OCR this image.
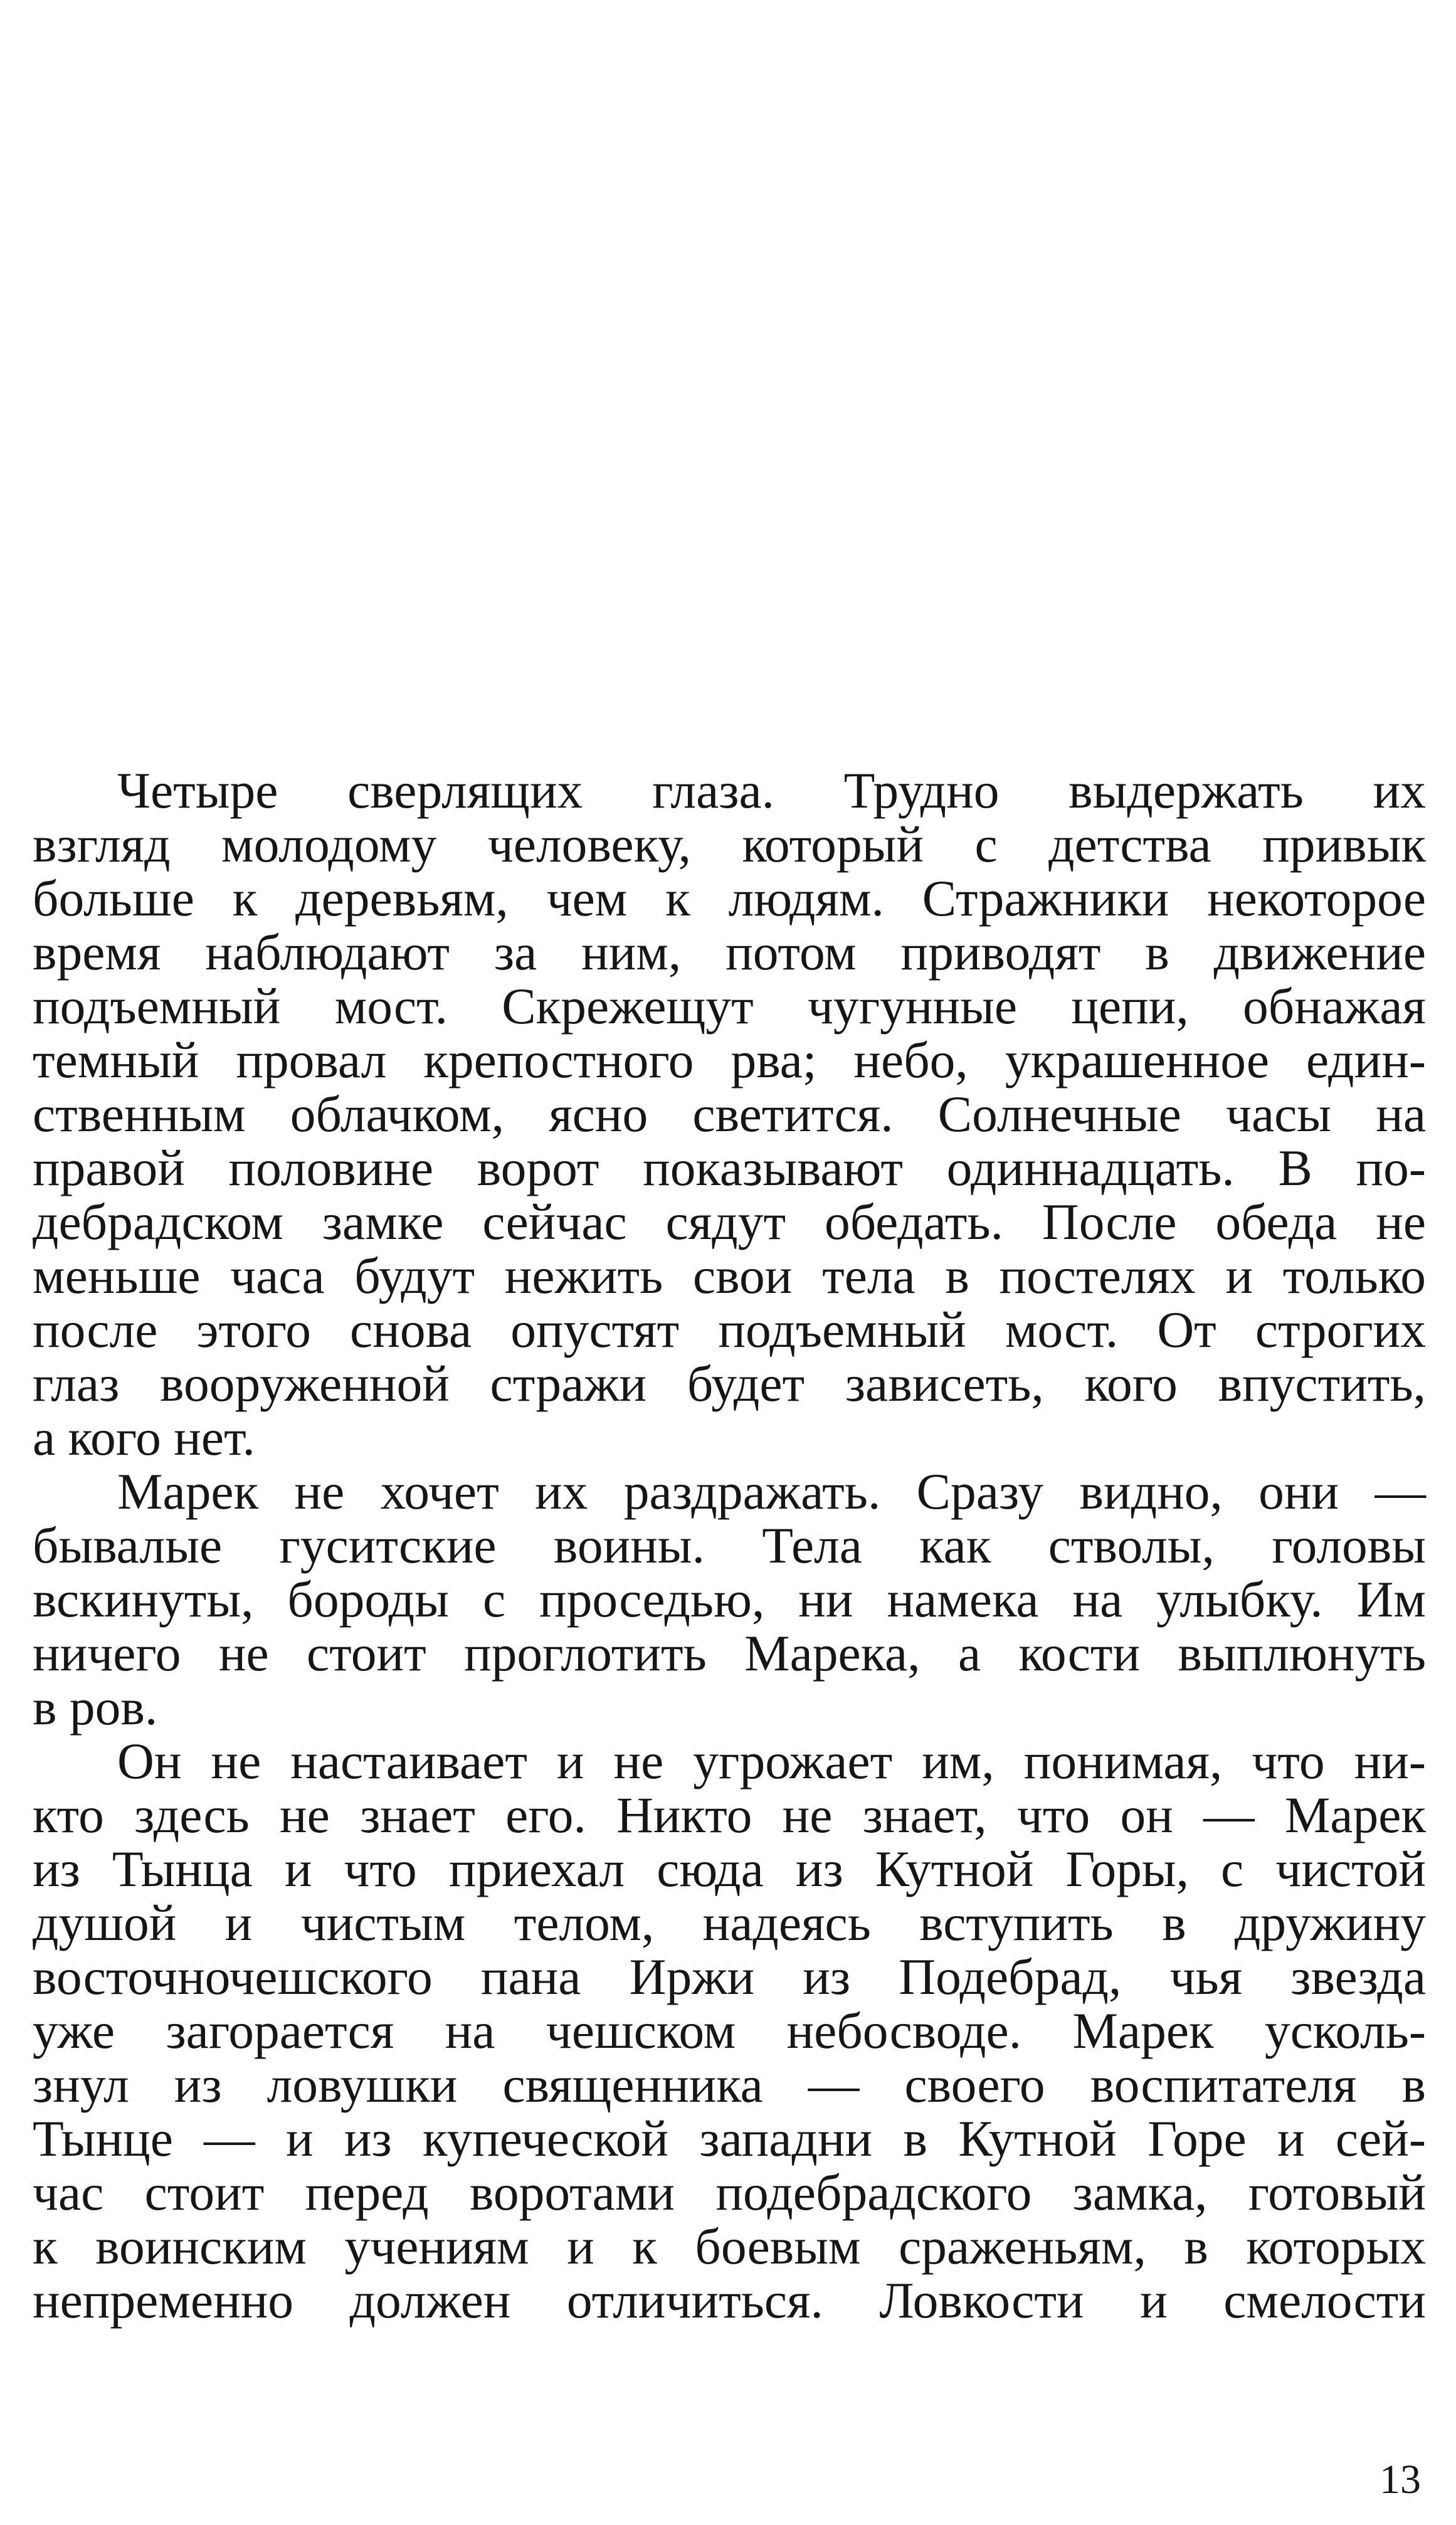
Четыре сверлящих глаза. Трудно выдержать их
взгляд молодому человеку, который с детства привык
больше к деревьям, чем к людям. Стражники некоторое
время наблюдают за ним, потом приводят в движение
подъемный мост. Скрежещут чугунные цепи, обнажая
темный провал крепостного рва; небо, украшенное един-
ственным облачком, ясно светится. Солнечные часы на
правой половине ворот показывают одиннадцать. В по-
дебрадском замке сейчас сядут обедать. После обеда не
меньше часа будут нежить свои тела в постелях и только
после этого снова опустят подъемный мост. От строгих
глаз вооруженной стражи будет зависеть, кого впустить,
а кого нет.
Марек не хочет их раздражать. Сразу видно, они —
бывалые гуситские воины. Тела как стволы, головы
вскинуты, бороды с проседью, ни намека на улыбку. Им
ничего не стоит проглотить Марека, а кости выплюнуть
в ров.
Он не настаивает и не угрожает им, понимая, что ни-
кто здесь не знает его. Никто не знает, что он — Марек
из Тынца и что приехал сюда из Кутной Горы, с чистой
душой и чистым телом, надеясь вступить в дружину
восточночешского пана Иржи из Подебрад, чья звезда
уже загорается на чешском небосводе. Марек усколь-
знул из ловушки священника — своего воспитателя в
Тынце — и из купеческой западни в Кутной Горе и сей-
час стоит перед воротами подебрадского замка, готовый
к воинским учениям и к боевым сраженьям, в которых
непременно должен отличиться. Ловкости и смелости
13
